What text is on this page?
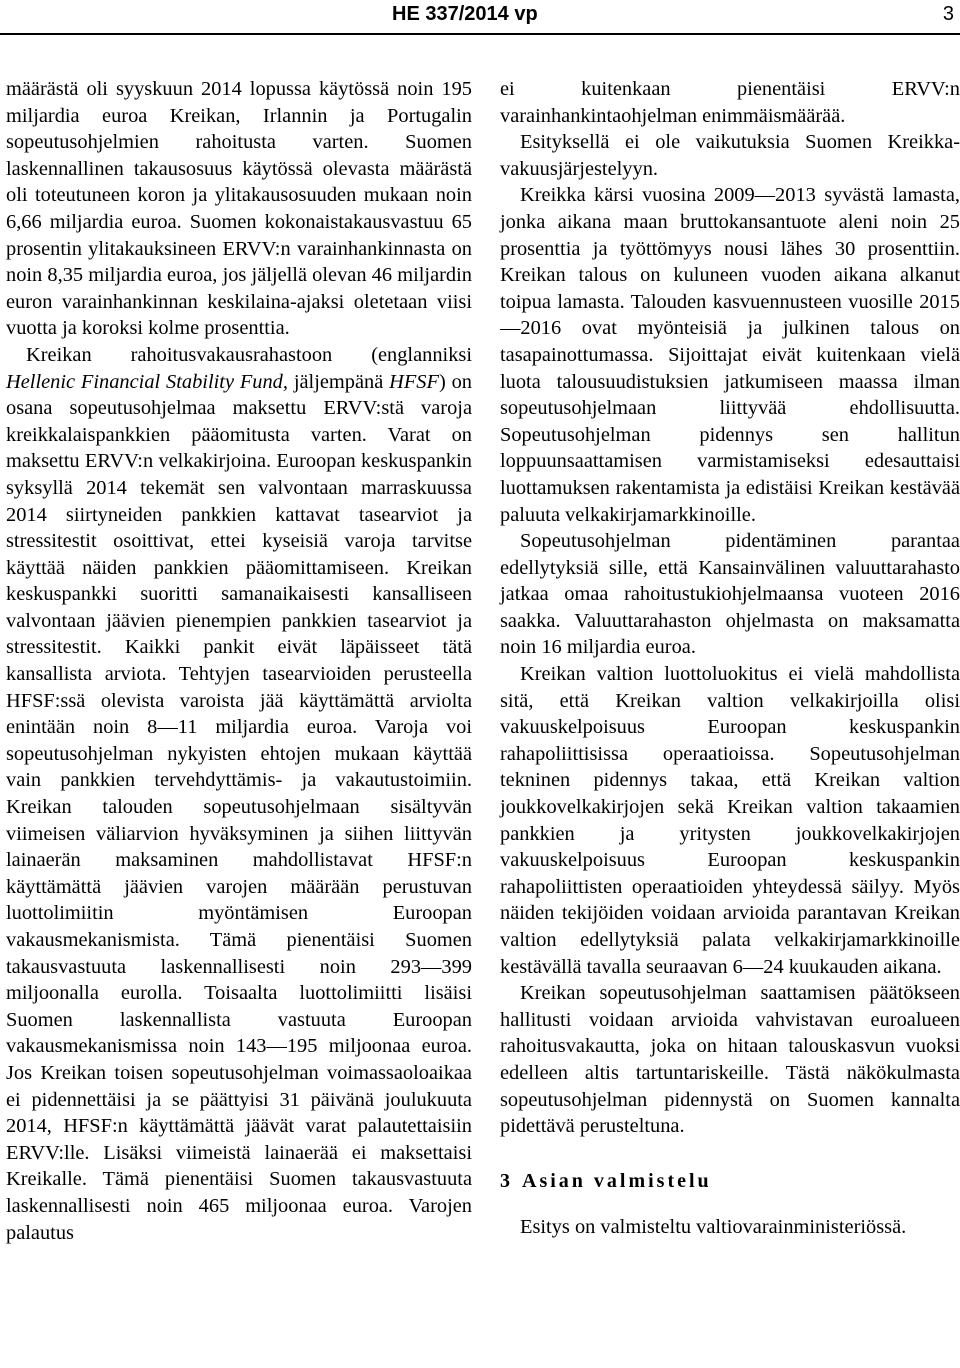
HE 337/2014 vp	3

määrästä oli syyskuun 2014 lopussa käytössä noin 195 miljardia euroa Kreikan, Irlannin ja Portugalin sopeutusohjelmien rahoitusta varten. Suomen laskennallinen takausosuus käytössä olevasta määrästä oli toteutuneen koron ja ylitakausosuuden mukaan noin 6,66 miljardia euroa. Suomen kokonaistakausvastuu 65 prosentin ylitakauksineen ERVV:n varainhankinnasta on noin 8,35 miljardia euroa, jos jäljellä olevan 46 miljardin euron varainhankinnan keskilaina-ajaksi oletetaan viisi vuotta ja koroksi kolme prosenttia.

Kreikan rahoitusvakausrahastoon (englanniksi Hellenic Financial Stability Fund, jäljempänä HFSF) on osana sopeutusohjelmaa maksettu ERVV:stä varoja kreikkalaispankkien pääomitusta varten. Varat on maksettu ERVV:n velkakirjoina. Euroopan keskuspankin syksyllä 2014 tekemät sen valvontaan marraskuussa 2014 siirtyneiden pankkien kattavat tasearviot ja stressitestit osoittivat, ettei kyseisiä varoja tarvitse käyttää näiden pankkien pääomittamiseen. Kreikan keskuspankki suoritti samanaikaisesti kansalliseen valvontaan jäävien pienempien pankkien tasearviot ja stressitestit. Kaikki pankit eivät läpäisseet tätä kansallista arviota. Tehtyjen tasearvioiden perusteella HFSF:ssä olevista varoista jää käyttämättä arviolta enintään noin 8—11 miljardia euroa. Varoja voi sopeutusohjelman nykyisten ehtojen mukaan käyttää vain pankkien tervehdyttämis- ja vakautustoimiin. Kreikan talouden sopeutusohjelmaan sisältyvän viimeisen väliarvion hyväksyminen ja siihen liittyvän lainaerän maksaminen mahdollistavat HFSF:n käyttämättä jäävien varojen määrään perustuvan luottolimiitin myöntämisen Euroopan vakausmekanismista. Tämä pienentäisi Suomen takausvastuuta laskennallisesti noin 293—399 miljoonalla eurolla. Toisaalta luottolimiitti lisäisi Suomen laskennallista vastuuta Euroopan vakausmekanismissa noin 143—195 miljoonaa euroa. Jos Kreikan toisen sopeutusohjelman voimassaoloaikaa ei pidennettäisi ja se päättyisi 31 päivänä joulukuuta 2014, HFSF:n käyttämättä jäävät varat palautettaisiin ERVV:lle. Lisäksi viimeistä lainaerää ei maksettaisi Kreikalle. Tämä pienentäisi Suomen takausvastuuta laskennallisesti noin 465 miljoonaa euroa. Varojen palautus

ei kuitenkaan pienentäisi ERVV:n varainhankintaohjelman enimmäismäärää.

Esityksellä ei ole vaikutuksia Suomen Kreikka-vakuusjärjestelyyn.

Kreikka kärsi vuosina 2009—2013 syvästä lamasta, jonka aikana maan bruttokansantuote aleni noin 25 prosenttia ja työttömyys nousi lähes 30 prosenttiin. Kreikan talous on kuluneen vuoden aikana alkanut toipua lamasta. Talouden kasvuennusteen vuosille 2015—2016 ovat myönteisiä ja julkinen talous on tasapainottumassa. Sijoittajat eivät kuitenkaan vielä luota talousuudistuksien jatkumiseen maassa ilman sopeutusohjelmaan liittyvää ehdollisuutta. Sopeutusohjelman pidennys sen hallitun loppuunsaattamisen varmistamiseksi edesauttaisi luottamuksen rakentamista ja edistäisi Kreikan kestävää paluuta velkakirjamarkkinoille.

Sopeutusohjelman pidentäminen parantaa edellytyksiä sille, että Kansainvälinen valuuttarahasto jatkaa omaa rahoitustukiohjelmaansa vuoteen 2016 saakka. Valuuttarahaston ohjelmasta on maksamatta noin 16 miljardia euroa.

Kreikan valtion luottoluokitus ei vielä mahdollista sitä, että Kreikan valtion velkakirjoilla olisi vakuuskelpoisuus Euroopan keskuspankin rahapoliittisissa operaatioissa. Sopeutusohjelman tekninen pidennys takaa, että Kreikan valtion joukkovelkakirjojen sekä Kreikan valtion takaamien pankkien ja yritysten joukkovelkakirjojen vakuuskelpoisuus Euroopan keskuspankin rahapoliittisten operaatioiden yhteydessä säilyy. Myös näiden tekijöiden voidaan arvioida parantavan Kreikan valtion edellytyksiä palata velkakirjamarkkinoille kestävällä tavalla seuraavan 6—24 kuukauden aikana.

Kreikan sopeutusohjelman saattamisen päätökseen hallitusti voidaan arvioida vahvistavan euroalueen rahoitusvakautta, joka on hitaan talouskasvun vuoksi edelleen altis tartuntariskeille. Tästä näkökulmasta sopeutusohjelman pidennystä on Suomen kannalta pidettävä perusteltuna.

3 Asian valmistelu

Esitys on valmisteltu valtiovarainministeriössä.
